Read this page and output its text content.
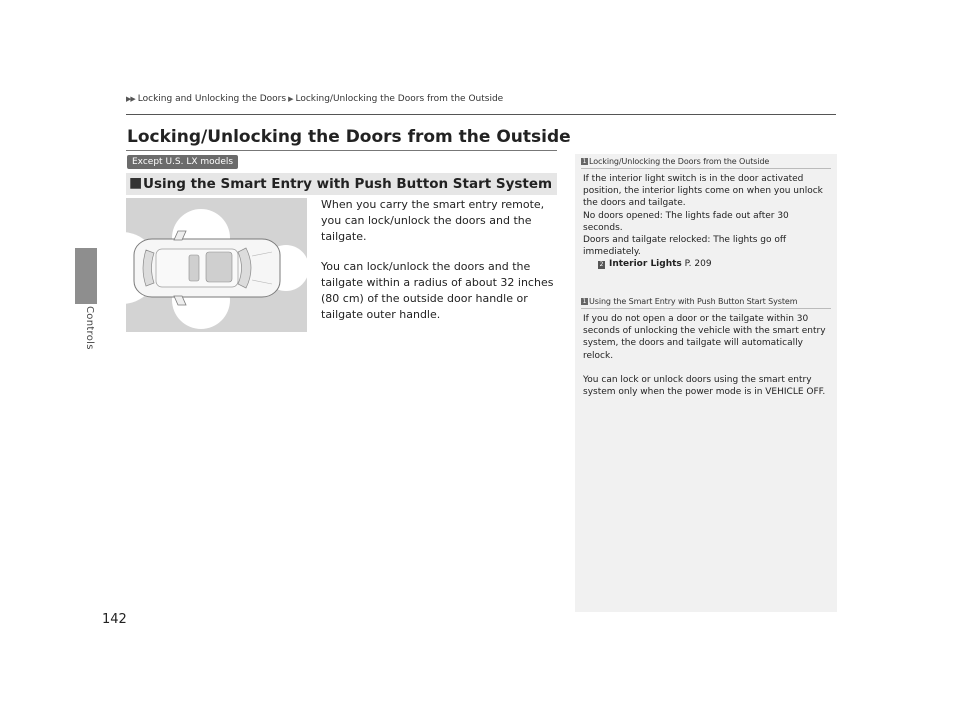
Controls
142
▶▶ Locking and Unlocking the Doors ▶ Locking/Unlocking the Doors from the Outside
Locking/Unlocking the Doors from the Outside
Except U.S. LX models
■ Using the Smart Entry with Push Button Start System

When you carry the smart entry remote, you can lock/unlock the doors and the tailgate.

You can lock/unlock the doors and the tailgate within a radius of about 32 inches (80 cm) of the outside door handle or tailgate outer handle.

1 Locking/Unlocking the Doors from the Outside
If the interior light switch is in the door activated position, the interior lights come on when you unlock the doors and tailgate.
No doors opened: The lights fade out after 30 seconds.
Doors and tailgate relocked: The lights go off immediately.
2 Interior Lights P. 209
1 Using the Smart Entry with Push Button Start System
If you do not open a door or the tailgate within 30 seconds of unlocking the vehicle with the smart entry system, the doors and tailgate will automatically relock.
You can lock or unlock doors using the smart entry system only when the power mode is in VEHICLE OFF.
